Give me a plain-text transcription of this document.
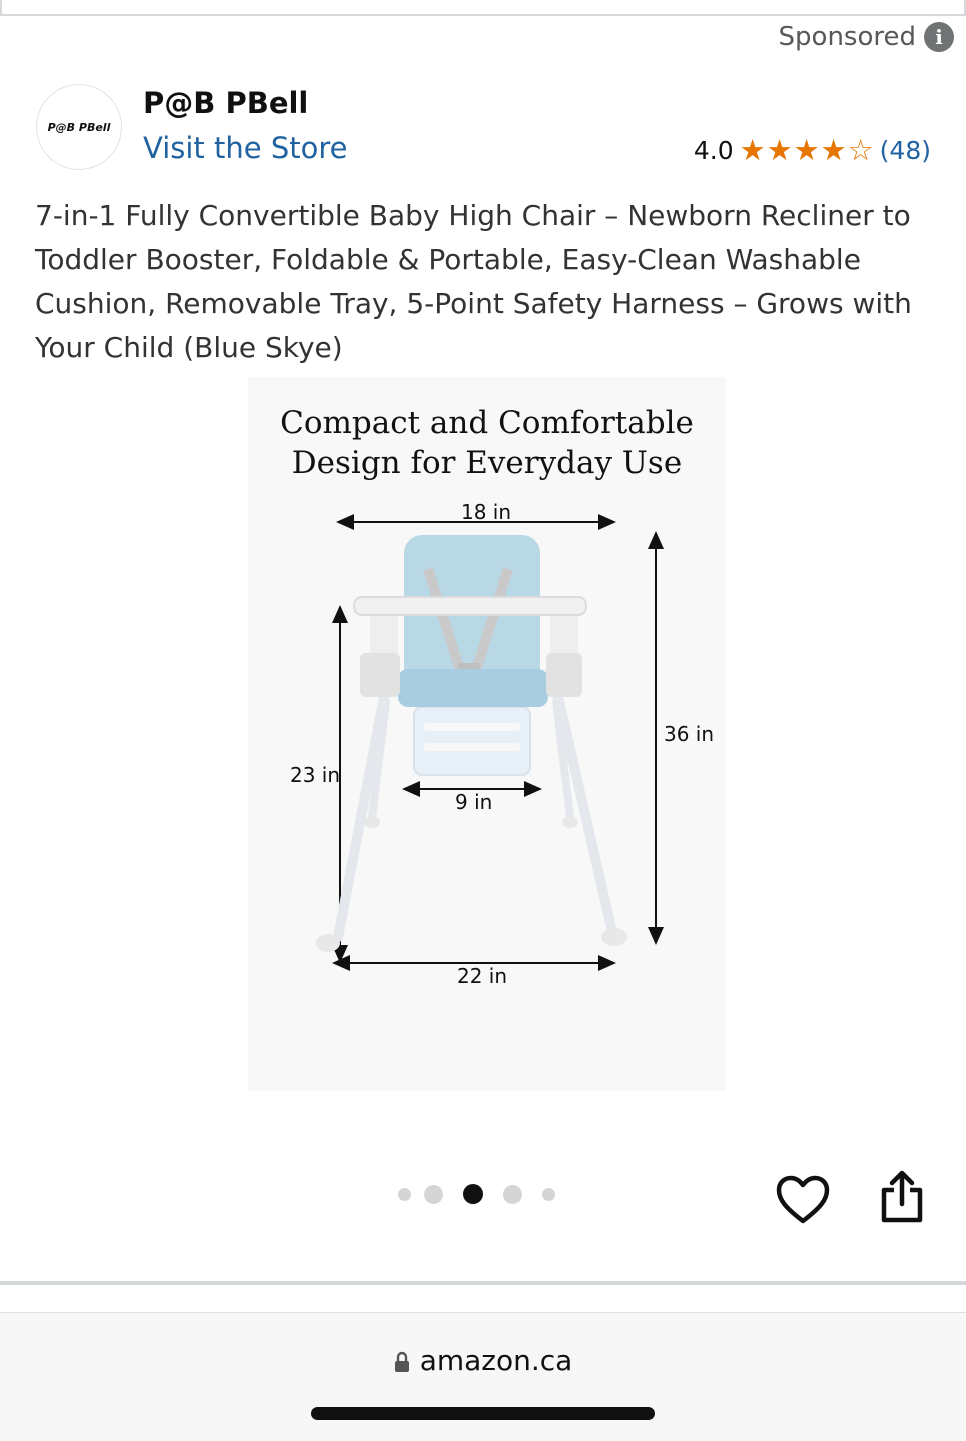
Sponsored i
P@B PBell
P@B PBell
Visit the Store	4.0 ★ ★ ★ ★ ☆ (48)
7-in-1 Fully Convertible Baby High Chair – Newborn Recliner to Toddler Booster, Foldable & Portable, Easy-Clean Washable Cushion, Removable Tray, 5-Point Safety Harness – Grows with Your Child (Blue Skye)
Compact and Comfortable
Design for Everyday Use
18 in
36 in
23 in
9 in
22 in
amazon.ca
